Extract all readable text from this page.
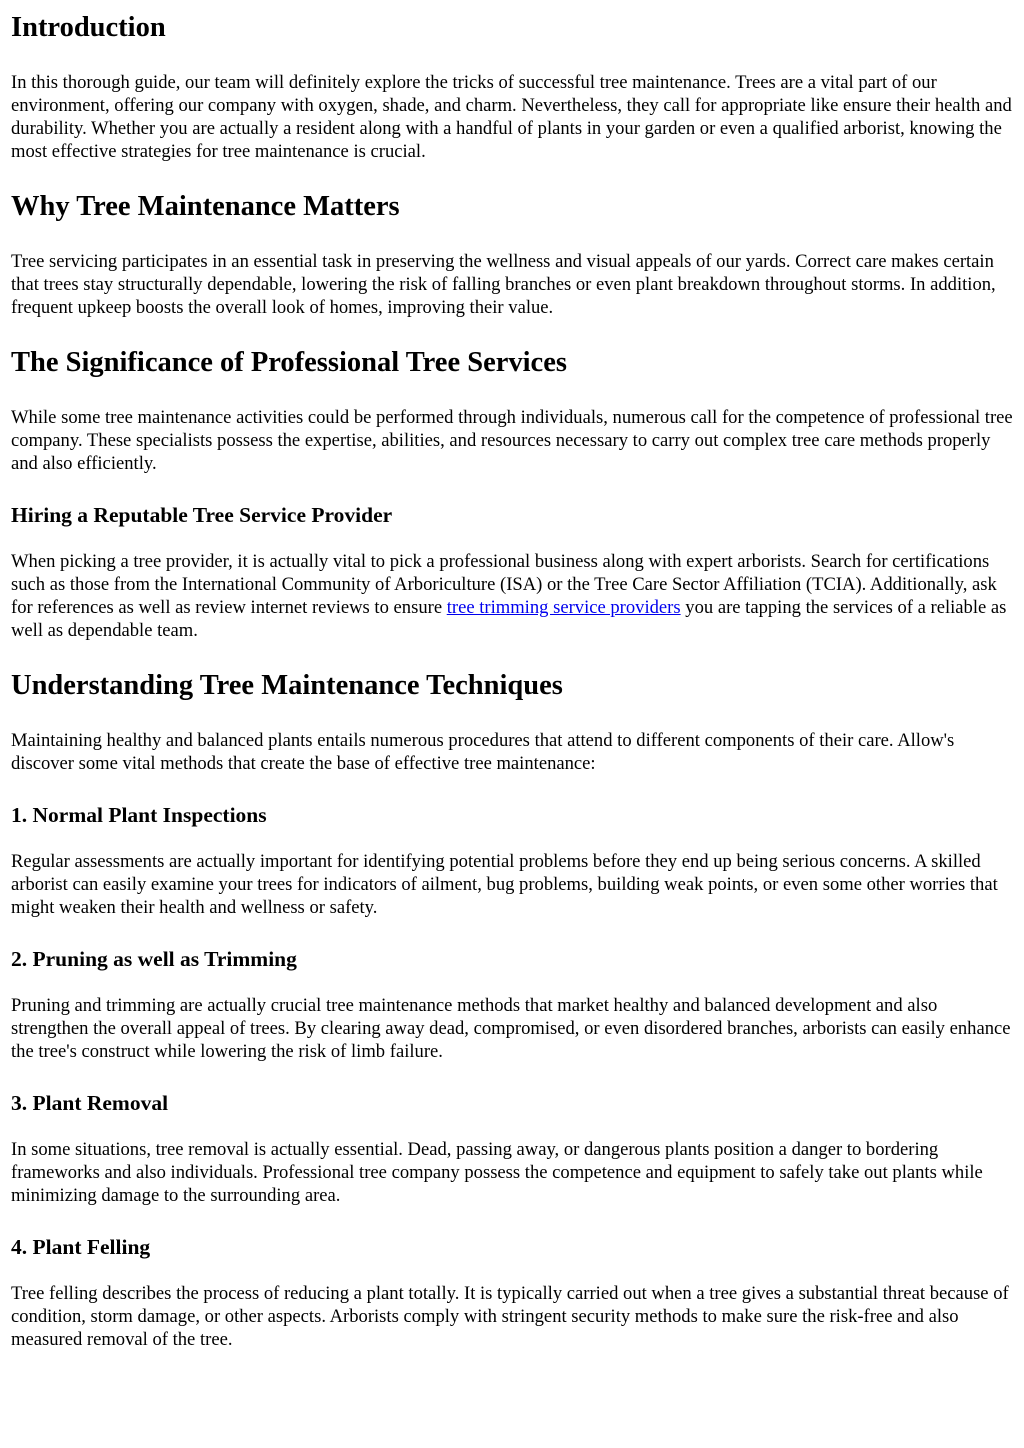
Introduction

In this thorough guide, our team will definitely explore the tricks of successful tree maintenance. Trees are a vital part of our environment, offering our company with oxygen, shade, and charm. Nevertheless, they call for appropriate like ensure their health and durability. Whether you are actually a resident along with a handful of plants in your garden or even a qualified arborist, knowing the most effective strategies for tree maintenance is crucial.

Why Tree Maintenance Matters

Tree servicing participates in an essential task in preserving the wellness and visual appeals of our yards. Correct care makes certain that trees stay structurally dependable, lowering the risk of falling branches or even plant breakdown throughout storms. In addition, frequent upkeep boosts the overall look of homes, improving their value.

The Significance of Professional Tree Services

While some tree maintenance activities could be performed through individuals, numerous call for the competence of professional tree company. These specialists possess the expertise, abilities, and resources necessary to carry out complex tree care methods properly and also efficiently.

Hiring a Reputable Tree Service Provider

When picking a tree provider, it is actually vital to pick a professional business along with expert arborists. Search for certifications such as those from the International Community of Arboriculture (ISA) or the Tree Care Sector Affiliation (TCIA). Additionally, ask for references as well as review internet reviews to ensure tree trimming service providers you are tapping the services of a reliable as well as dependable team.

Understanding Tree Maintenance Techniques

Maintaining healthy and balanced plants entails numerous procedures that attend to different components of their care. Allow's discover some vital methods that create the base of effective tree maintenance:

1. Normal Plant Inspections

Regular assessments are actually important for identifying potential problems before they end up being serious concerns. A skilled arborist can easily examine your trees for indicators of ailment, bug problems, building weak points, or even some other worries that might weaken their health and wellness or safety.

2. Pruning as well as Trimming

Pruning and trimming are actually crucial tree maintenance methods that market healthy and balanced development and also strengthen the overall appeal of trees. By clearing away dead, compromised, or even disordered branches, arborists can easily enhance the tree's construct while lowering the risk of limb failure.

3. Plant Removal

In some situations, tree removal is actually essential. Dead, passing away, or dangerous plants position a danger to bordering frameworks and also individuals. Professional tree company possess the competence and equipment to safely take out plants while minimizing damage to the surrounding area.

4. Plant Felling

Tree felling describes the process of reducing a plant totally. It is typically carried out when a tree gives a substantial threat because of condition, storm damage, or other aspects. Arborists comply with stringent security methods to make sure the risk-free and also measured removal of the tree.
